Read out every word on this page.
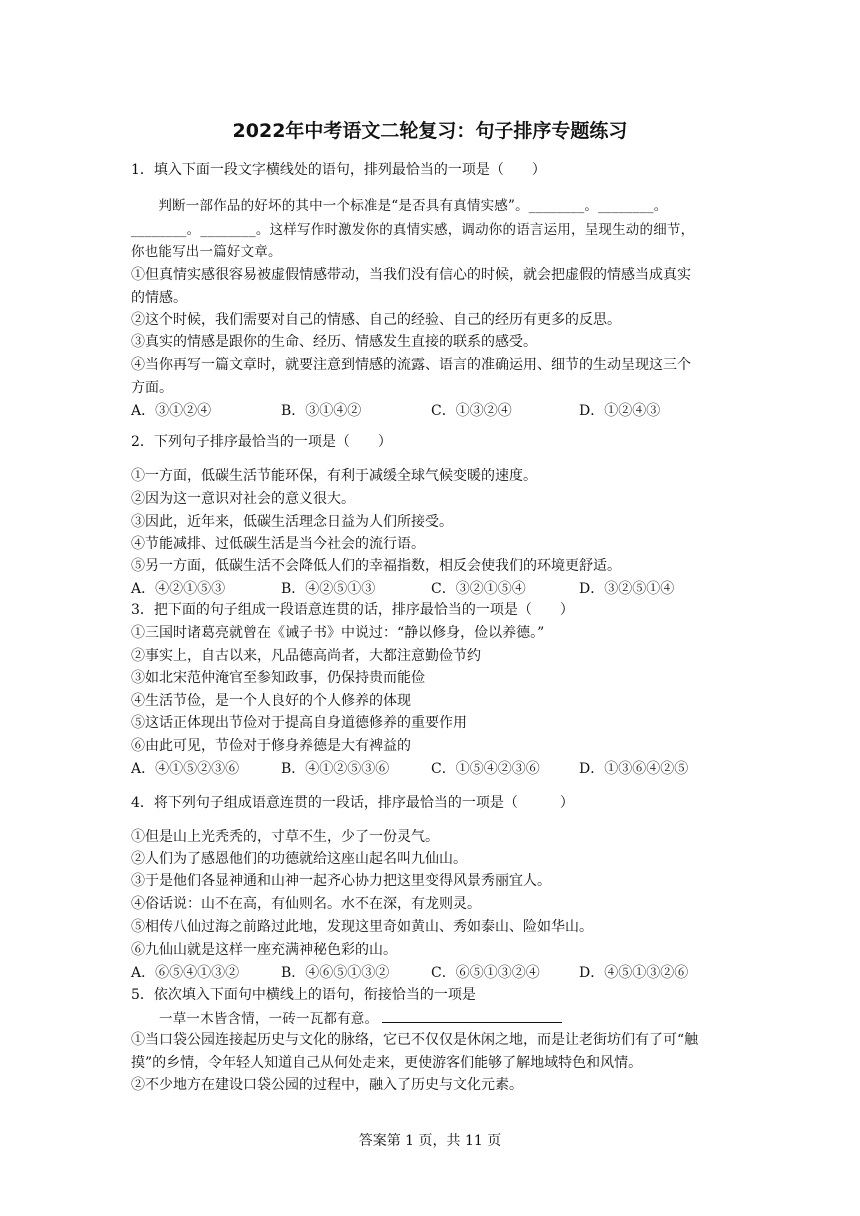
2022年中考语文二轮复习：句子排序专题练习
1．填入下面一段文字横线处的语句，排列最恰当的一项是（　　）
　　判断一部作品的好坏的其中一个标准是“是否具有真情实感”。________。________。
________。________。这样写作时激发你的真情实感，调动你的语言运用，呈现生动的细节，
你也能写出一篇好文章。
①但真情实感很容易被虚假情感带动，当我们没有信心的时候，就会把虚假的情感当成真实
的情感。
②这个时候，我们需要对自己的情感、自己的经验、自己的经历有更多的反思。
③真实的情感是跟你的生命、经历、情感发生直接的联系的感受。
④当你再写一篇文章时，就要注意到情感的流露、语言的准确运用、细节的生动呈现这三个
方面。
A．③①②④	B．③①④②	C．①③②④	D．①②④③
2．下列句子排序最恰当的一项是（　　）
①一方面，低碳生活节能环保，有利于减缓全球气候变暖的速度。
②因为这一意识对社会的意义很大。
③因此，近年来，低碳生活理念日益为人们所接受。
④节能减排、过低碳生活是当今社会的流行语。
⑤另一方面，低碳生活不会降低人们的幸福指数，相反会使我们的环境更舒适。
A．④②①⑤③	B．④②⑤①③	C．③②①⑤④	D．③②⑤①④
3．把下面的句子组成一段语意连贯的话，排序最恰当的一项是（　　）
①三国时诸葛亮就曾在《诫子书》中说过：“静以修身，俭以养德。”
②事实上，自古以来，凡品德高尚者，大都注意勤俭节约
③如北宋范仲淹官至参知政事，仍保持贵而能俭
④生活节俭，是一个人良好的个人修养的体现
⑤这话正体现出节俭对于提高自身道德修养的重要作用
⑥由此可见，节俭对于修身养德是大有裨益的
A．④①⑤②③⑥	B．④①②⑤③⑥	C．①⑤④②③⑥	D．①③⑥④②⑤
4．将下列句子组成语意连贯的一段话，排序最恰当的一项是（　　　）
①但是山上光秃秃的，寸草不生，少了一份灵气。
②人们为了感恩他们的功德就给这座山起名叫九仙山。
③于是他们各显神通和山神一起齐心协力把这里变得风景秀丽宜人。
④俗话说：山不在高，有仙则名。水不在深，有龙则灵。
⑤相传八仙过海之前路过此地，发现这里奇如黄山、秀如泰山、险如华山。
⑥九仙山就是这样一座充满神秘色彩的山。
A．⑥⑤④①③②	B．④⑥⑤①③②	C．⑥⑤①③②④	D．④⑤①③②⑥
5．依次填入下面句中横线上的语句，衔接恰当的一项是
一草一木皆含情，一砖一瓦都有意。
①当口袋公园连接起历史与文化的脉络，它已不仅仅是休闲之地，而是让老街坊们有了可“触
摸”的乡情，令年轻人知道自己从何处走来，更使游客们能够了解地域特色和风情。
②不少地方在建设口袋公园的过程中，融入了历史与文化元素。
答案第 1 页，共 11 页
